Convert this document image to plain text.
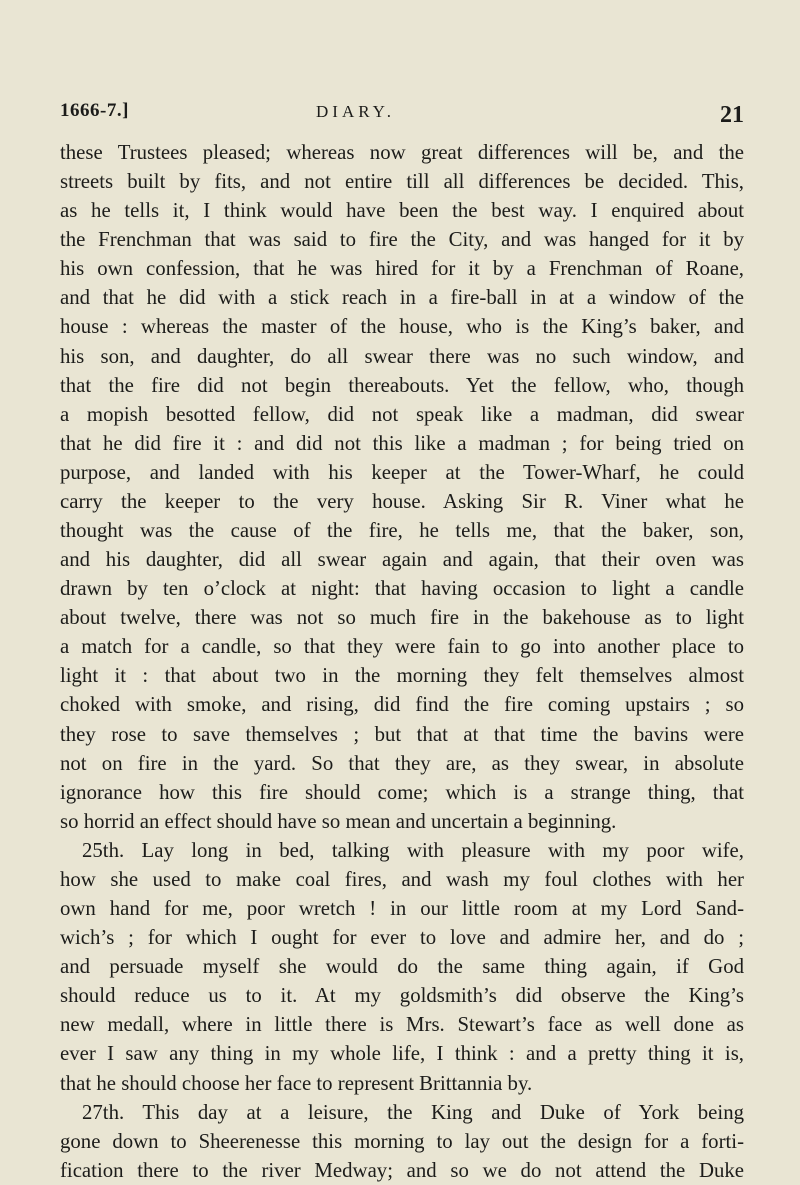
1666-7.]	DIARY.	21
these Trustees pleased; whereas now great differences will be, and the
streets built by fits, and not entire till all differences be decided. This,
as he tells it, I think would have been the best way. I enquired about
the Frenchman that was said to fire the City, and was hanged for it by
his own confession, that he was hired for it by a Frenchman of Roane,
and that he did with a stick reach in a fire-ball in at a window of the
house : whereas the master of the house, who is the King’s baker, and
his son, and daughter, do all swear there was no such window, and
that the fire did not begin thereabouts. Yet the fellow, who, though
a mopish besotted fellow, did not speak like a madman, did swear
that he did fire it : and did not this like a madman ; for being tried on
purpose, and landed with his keeper at the Tower-Wharf, he could
carry the keeper to the very house. Asking Sir R. Viner what he
thought was the cause of the fire, he tells me, that the baker, son,
and his daughter, did all swear again and again, that their oven was
drawn by ten o’clock at night: that having occasion to light a candle
about twelve, there was not so much fire in the bakehouse as to light
a match for a candle, so that they were fain to go into another place to
light it : that about two in the morning they felt themselves almost
choked with smoke, and rising, did find the fire coming upstairs ; so
they rose to save themselves ; but that at that time the bavins were
not on fire in the yard. So that they are, as they swear, in absolute
ignorance how this fire should come; which is a strange thing, that
so horrid an effect should have so mean and uncertain a beginning.
25th. Lay long in bed, talking with pleasure with my poor wife,
how she used to make coal fires, and wash my foul clothes with her
own hand for me, poor wretch ! in our little room at my Lord Sand-
wich’s ; for which I ought for ever to love and admire her, and do ;
and persuade myself she would do the same thing again, if God
should reduce us to it. At my goldsmith’s did observe the King’s
new medall, where in little there is Mrs. Stewart’s face as well done as
ever I saw any thing in my whole life, I think : and a pretty thing it is,
that he should choose her face to represent Brittannia by.
27th. This day at a leisure, the King and Duke of York being
gone down to Sheerenesse this morning to lay out the design for a forti-
fication there to the river Medway; and so we do not attend the Duke
